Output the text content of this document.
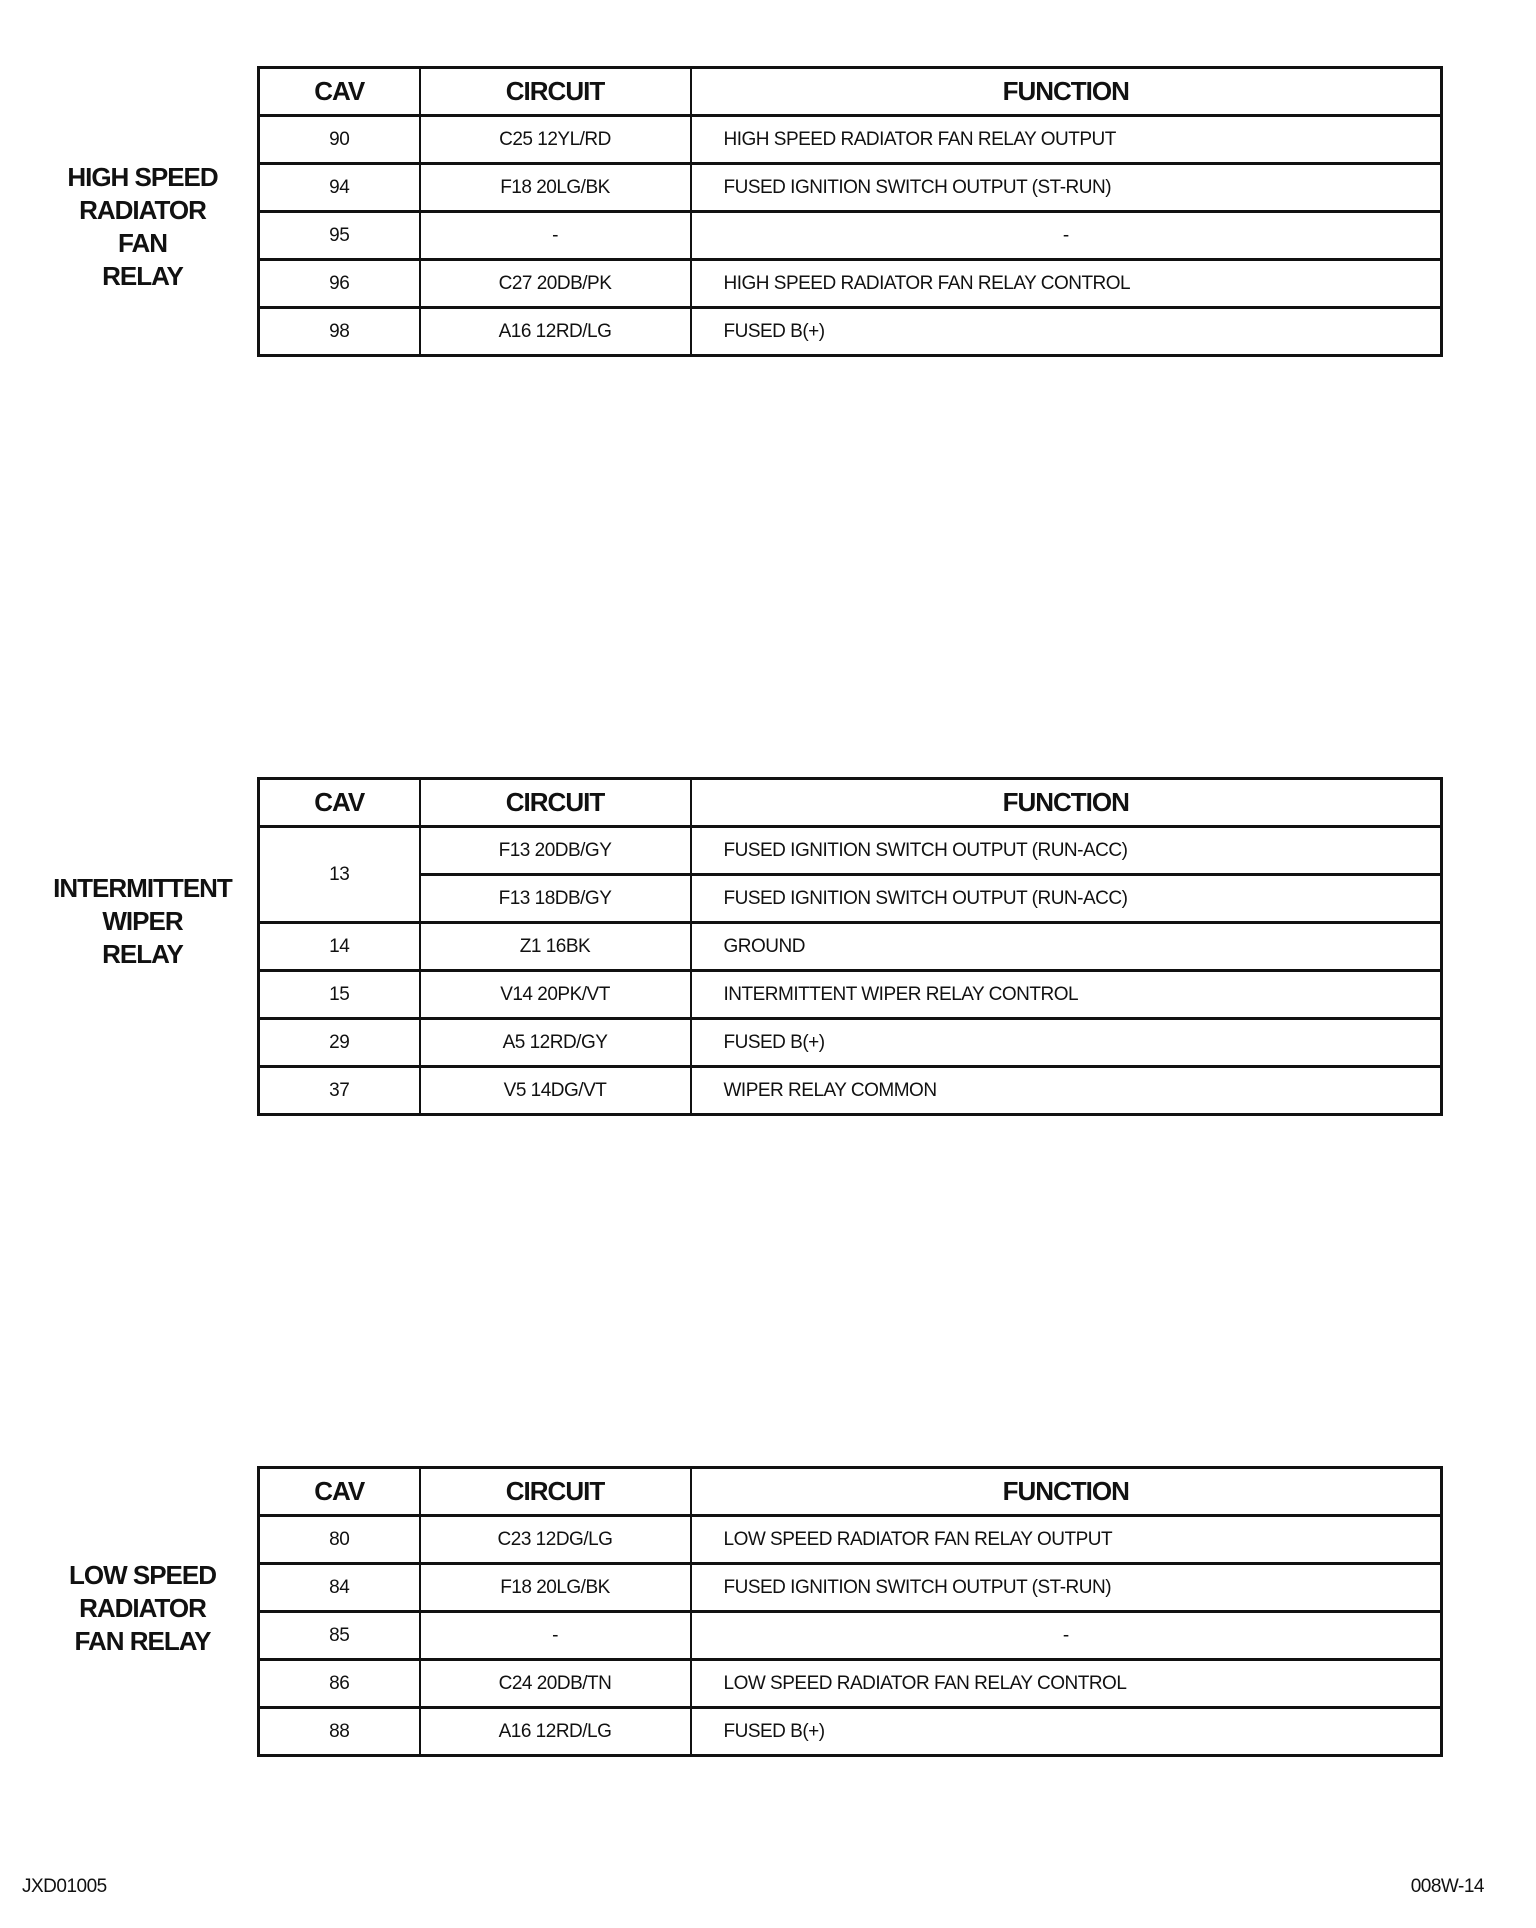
HIGH SPEED
RADIATOR
FAN
RELAY
CAV	CIRCUIT	FUNCTION
90	C25 12YL/RD	HIGH SPEED RADIATOR FAN RELAY OUTPUT
94	F18 20LG/BK	FUSED IGNITION SWITCH OUTPUT (ST-RUN)
95	-	-
96	C27 20DB/PK	HIGH SPEED RADIATOR FAN RELAY CONTROL
98	A16 12RD/LG	FUSED B(+)
INTERMITTENT
WIPER
RELAY
CAV	CIRCUIT	FUNCTION
13	F13 20DB/GY	FUSED IGNITION SWITCH OUTPUT (RUN-ACC)
	F13 18DB/GY	FUSED IGNITION SWITCH OUTPUT (RUN-ACC)
14	Z1 16BK	GROUND
15	V14 20PK/VT	INTERMITTENT WIPER RELAY CONTROL
29	A5 12RD/GY	FUSED B(+)
37	V5 14DG/VT	WIPER RELAY COMMON
LOW SPEED
RADIATOR
FAN RELAY
CAV	CIRCUIT	FUNCTION
80	C23 12DG/LG	LOW SPEED RADIATOR FAN RELAY OUTPUT
84	F18 20LG/BK	FUSED IGNITION SWITCH OUTPUT (ST-RUN)
85	-	-
86	C24 20DB/TN	LOW SPEED RADIATOR FAN RELAY CONTROL
88	A16 12RD/LG	FUSED B(+)
JXD01005	008W-14
